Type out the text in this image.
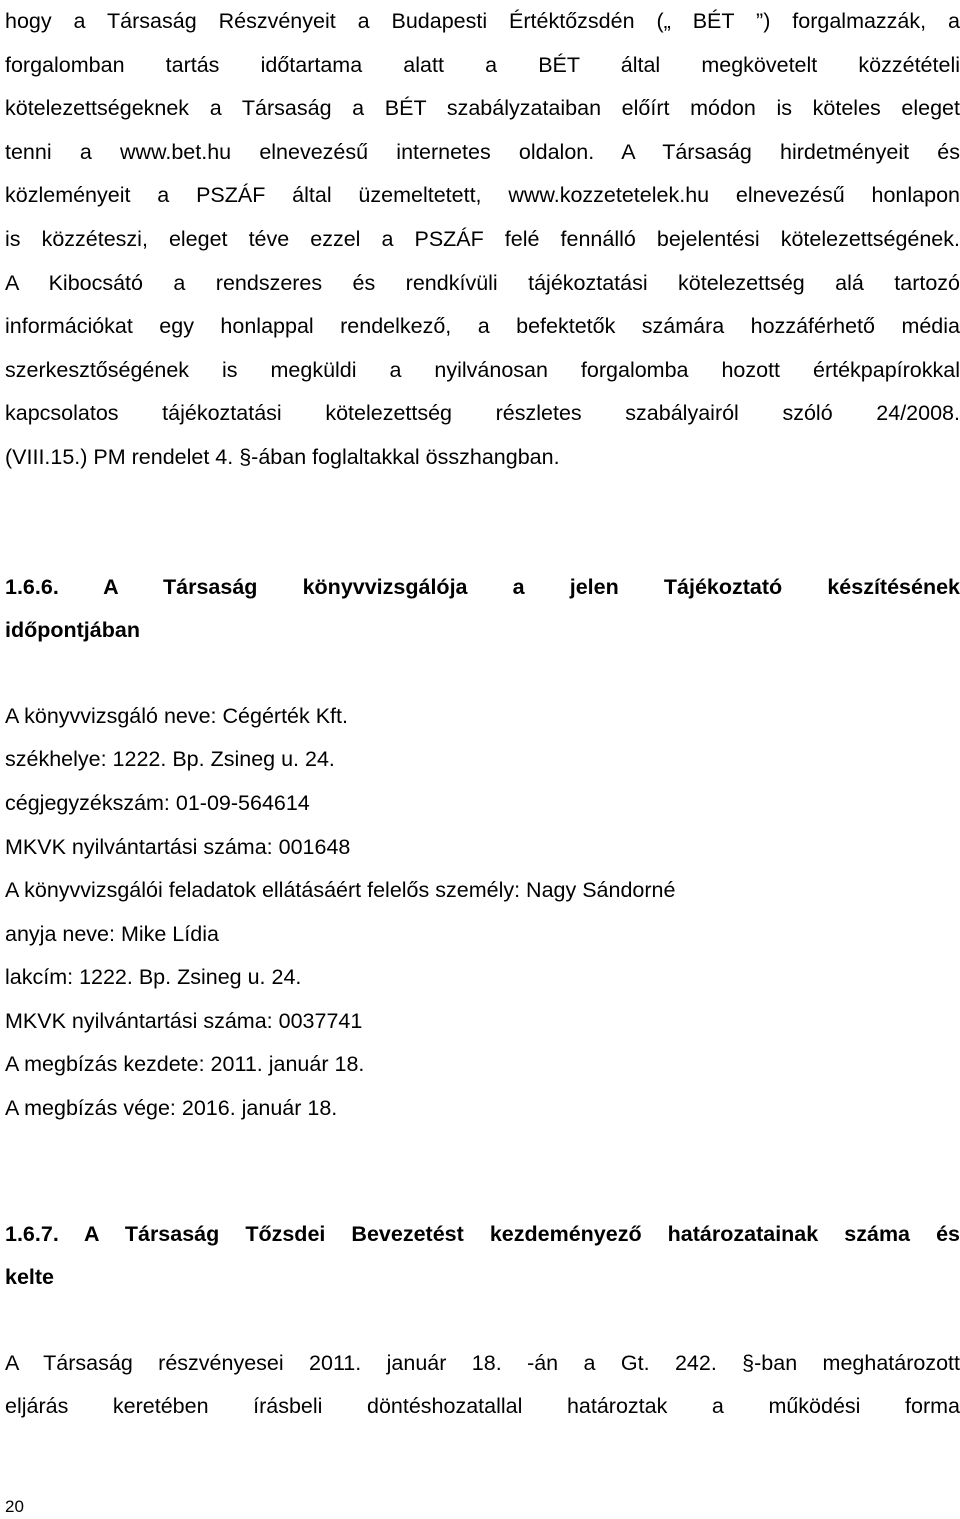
hogy a Társaság Részvényeit a Budapesti Értéktőzsdén („ BÉT ”) forgalmazzák, a
forgalomban tartás időtartama alatt a BÉT által megkövetelt közzétételi
kötelezettségeknek a Társaság a BÉT szabályzataiban előírt módon is köteles eleget
tenni a www.bet.hu elnevezésű internetes oldalon. A Társaság hirdetményeit és
közleményeit a PSZÁF által üzemeltetett, www.kozzetetelek.hu elnevezésű honlapon
is közzéteszi, eleget téve ezzel a PSZÁF felé fennálló bejelentési kötelezettségének.
A Kibocsátó a rendszeres és rendkívüli tájékoztatási kötelezettség alá tartozó
információkat egy honlappal rendelkező, a befektetők számára hozzáférhető média
szerkesztőségének is megküldi a nyilvánosan forgalomba hozott értékpapírokkal
kapcsolatos tájékoztatási kötelezettség részletes szabályairól szóló 24/2008.
(VIII.15.) PM rendelet 4. §-ában foglaltakkal összhangban.
1.6.6. A Társaság könyvvizsgálója a jelen Tájékoztató készítésének
időpontjában
A könyvvizsgáló neve: Cégérték Kft.
székhelye: 1222. Bp. Zsineg u. 24.
cégjegyzékszám: 01-09-564614
MKVK nyilvántartási száma: 001648
A könyvvizsgálói feladatok ellátásáért felelős személy: Nagy Sándorné
anyja neve: Mike Lídia
lakcím: 1222. Bp. Zsineg u. 24.
MKVK nyilvántartási száma: 0037741
A megbízás kezdete: 2011. január 18.
A megbízás vége: 2016. január 18.
1.6.7. A Társaság Tőzsdei Bevezetést kezdeményező határozatainak száma és
kelte
A Társaság részvényesei 2011. január 18. -án a Gt. 242. §-ban meghatározott
eljárás keretében írásbeli döntéshozatallal határoztak a működési forma
20
